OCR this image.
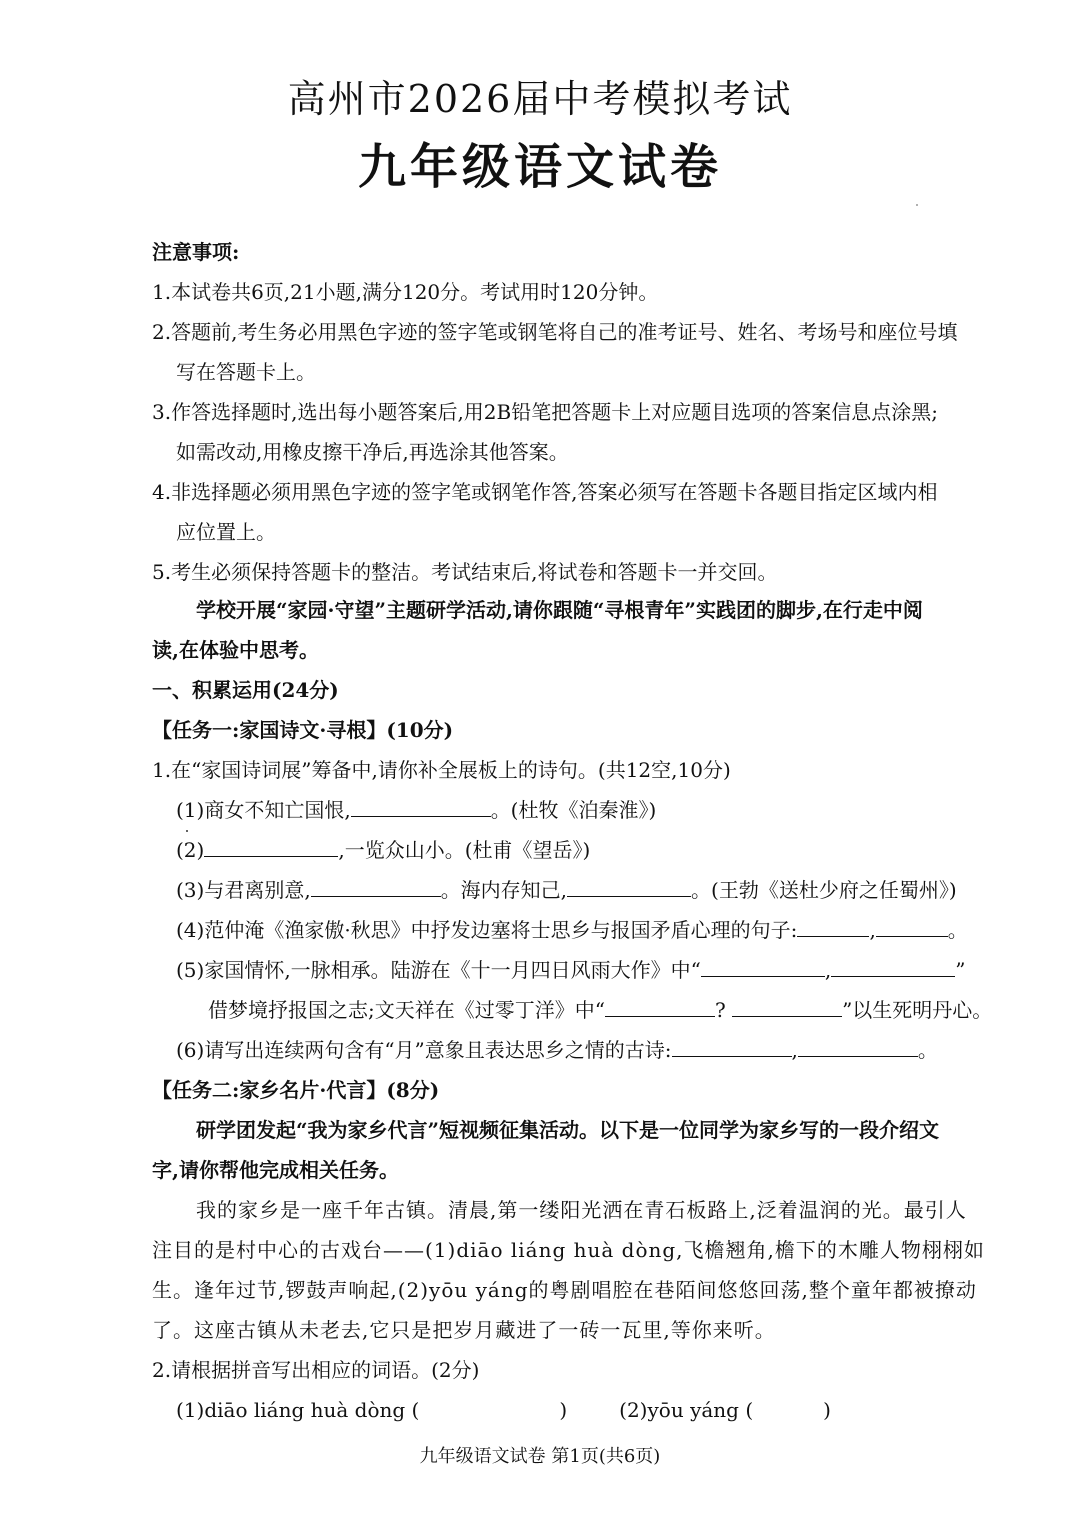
高州市2026届中考模拟考试
九年级语文试卷
注意事项:
1.本试卷共6页,21小题,满分120分。考试用时120分钟。
2.答题前,考生务必用黑色字迹的签字笔或钢笔将自己的准考证号、姓名、考场号和座位号填
写在答题卡上。
3.作答选择题时,选出每小题答案后,用2B铅笔把答题卡上对应题目选项的答案信息点涂黑;
如需改动,用橡皮擦干净后,再选涂其他答案。
4.非选择题必须用黑色字迹的签字笔或钢笔作答,答案必须写在答题卡各题目指定区域内相
应位置上。
5.考生必须保持答题卡的整洁。考试结束后,将试卷和答题卡一并交回。
学校开展“家园·守望”主题研学活动,请你跟随“寻根青年”实践团的脚步,在行走中阅
读,在体验中思考。
一、积累运用(24分)
【任务一:家国诗文·寻根】(10分)
1.在“家国诗词展”筹备中,请你补全展板上的诗句。(共12空,10分)
(1)商女不知亡国恨,	。(杜牧《泊秦淮》)
(2)	,一览众山小。(杜甫《望岳》)
(3)与君离别意,	。海内存知己,	。(王勃《送杜少府之任蜀州》)
(4)范仲淹《渔家傲·秋思》中抒发边塞将士思乡与报国矛盾心理的句子:	,	。
(5)家国情怀,一脉相承。陆游在《十一月四日风雨大作》中“	,	”
借梦境抒报国之志;文天祥在《过零丁洋》中“	?	”以生死明丹心。
(6)请写出连续两句含有“月”意象且表达思乡之情的古诗:	,	。
【任务二:家乡名片·代言】(8分)
研学团发起“我为家乡代言”短视频征集活动。以下是一位同学为家乡写的一段介绍文
字,请你帮他完成相关任务。
我的家乡是一座千年古镇。清晨,第一缕阳光洒在青石板路上,泛着温润的光。最引人
注目的是村中心的古戏台——(1)diāo liáng huà dòng,飞檐翘角,檐下的木雕人物栩栩如
生。逢年过节,锣鼓声响起,(2)yōu yáng的粤剧唱腔在巷陌间悠悠回荡,整个童年都被撩动
了。这座古镇从未老去,它只是把岁月藏进了一砖一瓦里,等你来听。
2.请根据拼音写出相应的词语。(2分)
(1)diāo liáng huà dòng (	)	(2)yōu yáng (	)
九年级语文试卷 第1页(共6页)
